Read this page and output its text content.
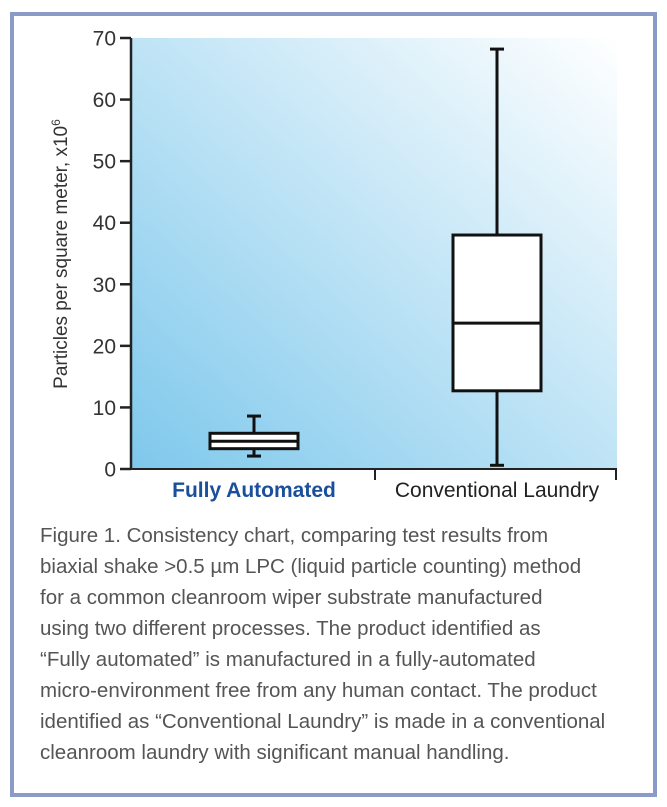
0
10
20
30
40
50
60
70
Particles per square meter, $x10^6$
Fully Automated	Conventional Laundry

Figure 1. Consistency chart, comparing test results from
biaxial shake >0.5 µm LPC (liquid particle counting) method
for a common cleanroom wiper substrate manufactured
using two different processes. The product identified as
“Fully automated” is manufactured in a fully-automated
micro-environment free from any human contact. The product
identified as “Conventional Laundry” is made in a conventional
cleanroom laundry with significant manual handling.
